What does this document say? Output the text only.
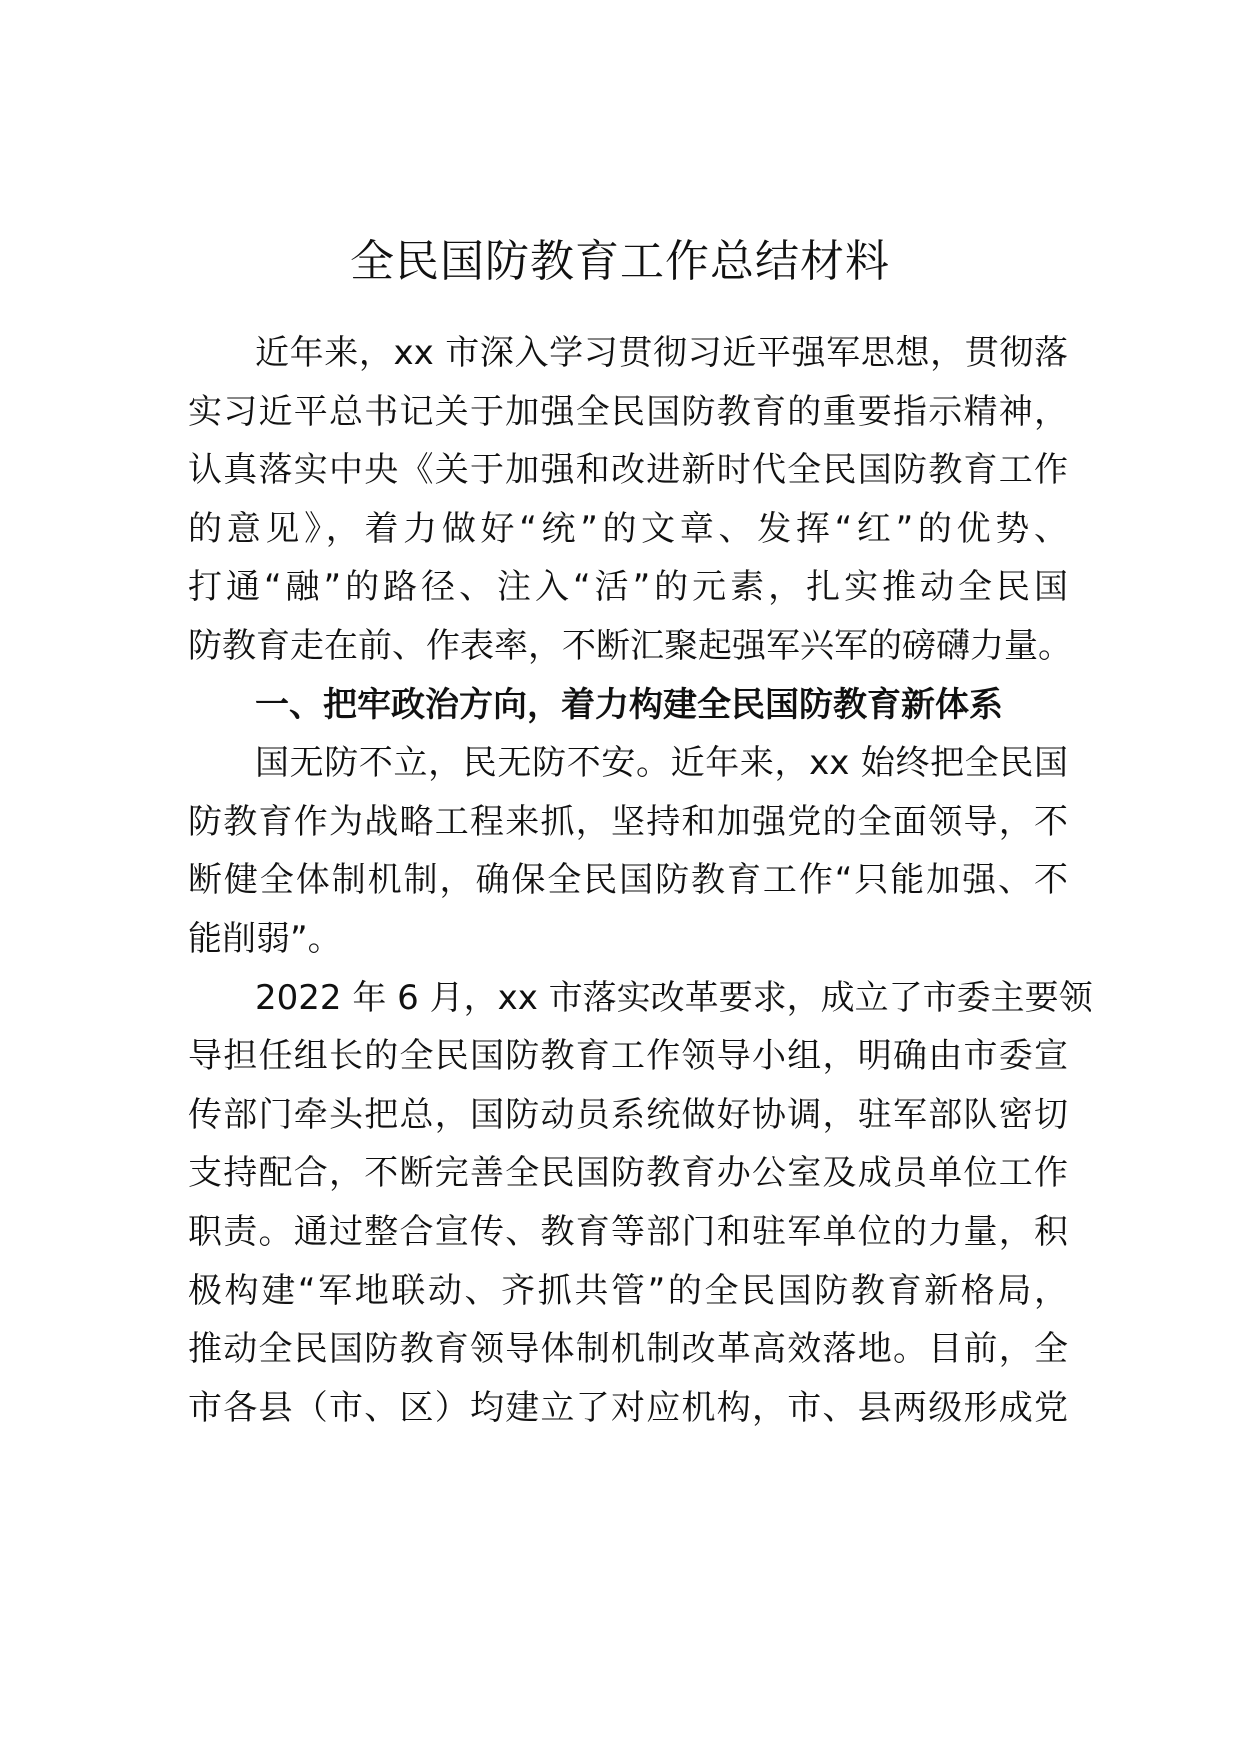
全民国防教育工作总结材料
近年来，xx 市深入学习贯彻习近平强军思想，贯彻落
实习近平总书记关于加强全民国防教育的重要指示精神，
认真落实中央《关于加强和改进新时代全民国防教育工作
的意见》，着力做好“统”的文章、发挥“红”的优势、
打通“融”的路径、注入“活”的元素，扎实推动全民国
防教育走在前、作表率，不断汇聚起强军兴军的磅礴力量。
一、把牢政治方向，着力构建全民国防教育新体系
国无防不立，民无防不安。近年来，xx 始终把全民国
防教育作为战略工程来抓，坚持和加强党的全面领导，不
断健全体制机制，确保全民国防教育工作“只能加强、不
能削弱”。
2022 年 6 月，xx 市落实改革要求，成立了市委主要领
导担任组长的全民国防教育工作领导小组，明确由市委宣
传部门牵头把总，国防动员系统做好协调，驻军部队密切
支持配合，不断完善全民国防教育办公室及成员单位工作
职责。通过整合宣传、教育等部门和驻军单位的力量，积
极构建“军地联动、齐抓共管”的全民国防教育新格局，
推动全民国防教育领导体制机制改革高效落地。目前，全
市各县（市、区）均建立了对应机构，市、县两级形成党
